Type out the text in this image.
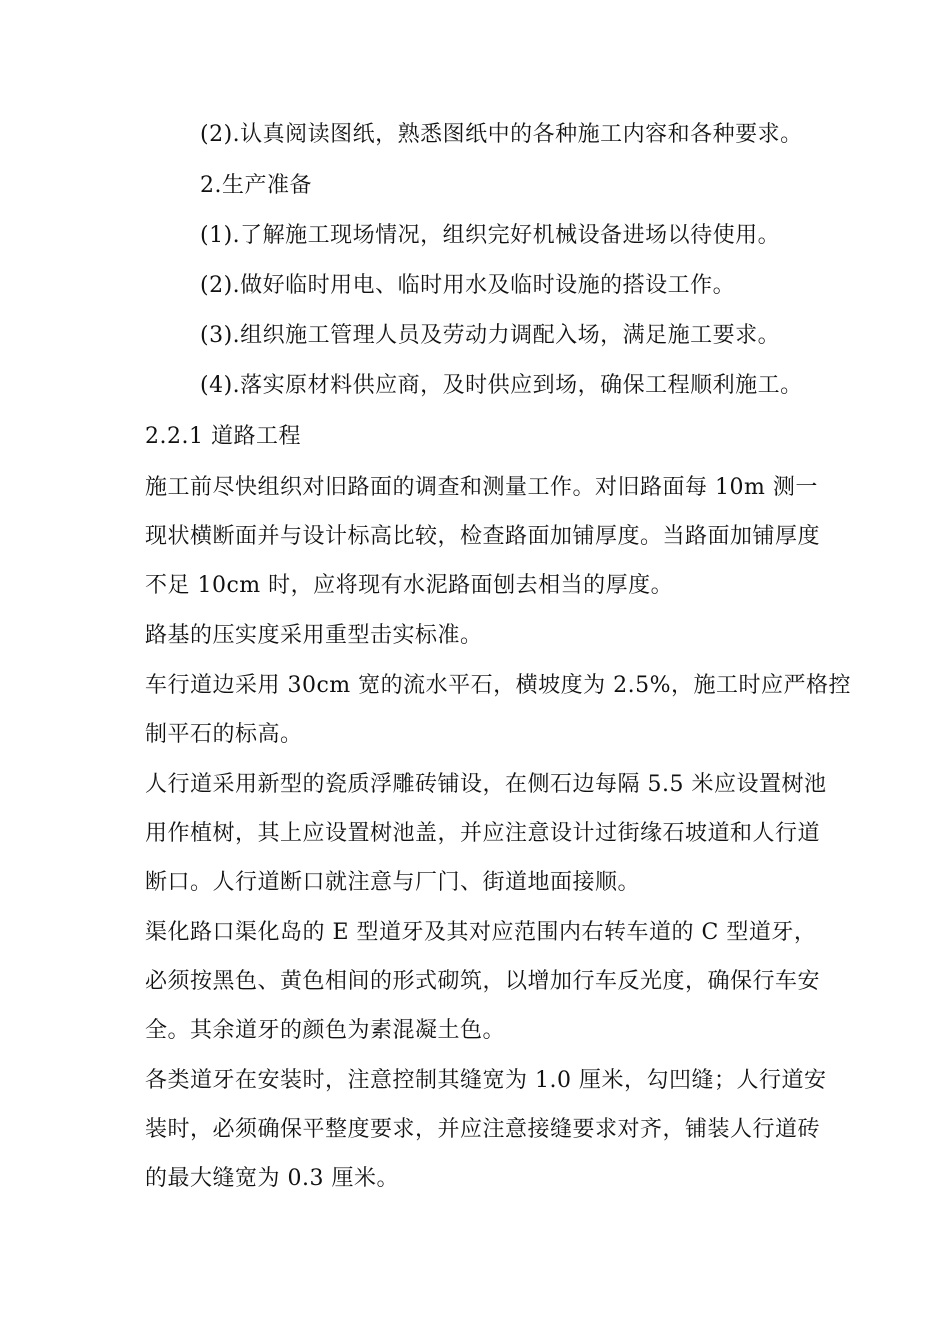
(2).认真阅读图纸，熟悉图纸中的各种施工内容和各种要求。
2.生产准备
(1).了解施工现场情况，组织完好机械设备进场以待使用。
(2).做好临时用电、临时用水及临时设施的搭设工作。
(3).组织施工管理人员及劳动力调配入场，满足施工要求。
(4).落实原材料供应商，及时供应到场，确保工程顺利施工。
2.2.1 道路工程
施工前尽快组织对旧路面的调查和测量工作。对旧路面每 10m 测一
现状横断面并与设计标高比较，检查路面加铺厚度。当路面加铺厚度
不足 10cm 时，应将现有水泥路面刨去相当的厚度。
路基的压实度采用重型击实标准。
车行道边采用 30cm 宽的流水平石，横坡度为 2.5%，施工时应严格控
制平石的标高。
人行道采用新型的瓷质浮雕砖铺设，在侧石边每隔 5.5 米应设置树池
用作植树，其上应设置树池盖，并应注意设计过街缘石坡道和人行道
断口。人行道断口就注意与厂门、街道地面接顺。
渠化路口渠化岛的 E 型道牙及其对应范围内右转车道的 C 型道牙，
必须按黑色、黄色相间的形式砌筑，以增加行车反光度，确保行车安
全。其余道牙的颜色为素混凝土色。
各类道牙在安装时，注意控制其缝宽为 1.0 厘米，勾凹缝；人行道安
装时，必须确保平整度要求，并应注意接缝要求对齐，铺装人行道砖
的最大缝宽为 0.3 厘米。
